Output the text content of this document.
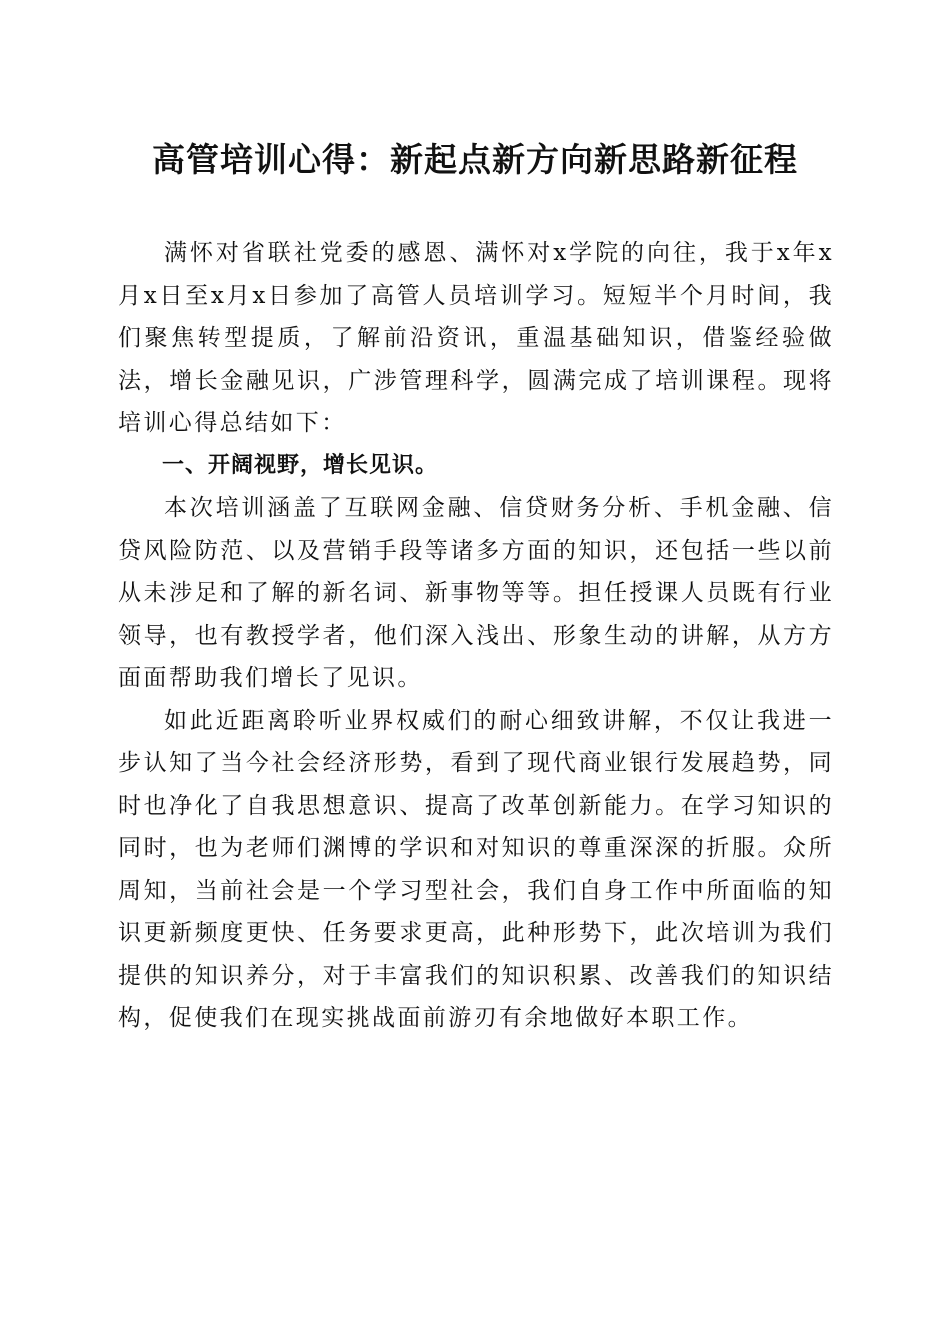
高管培训心得：新起点新方向新思路新征程

满怀对省联社党委的感恩、满怀对x学院的向往，我于x年x月x日至x月x日参加了高管人员培训学习。短短半个月时间，我们聚焦转型提质，了解前沿资讯，重温基础知识，借鉴经验做法，增长金融见识，广涉管理科学，圆满完成了培训课程。现将培训心得总结如下：

一、开阔视野，增长见识。

本次培训涵盖了互联网金融、信贷财务分析、手机金融、信贷风险防范、以及营销手段等诸多方面的知识，还包括一些以前从未涉足和了解的新名词、新事物等等。担任授课人员既有行业领导，也有教授学者，他们深入浅出、形象生动的讲解，从方方面面帮助我们增长了见识。

如此近距离聆听业界权威们的耐心细致讲解，不仅让我进一步认知了当今社会经济形势，看到了现代商业银行发展趋势，同时也净化了自我思想意识、提高了改革创新能力。在学习知识的同时，也为老师们渊博的学识和对知识的尊重深深的折服。众所周知，当前社会是一个学习型社会，我们自身工作中所面临的知识更新频度更快、任务要求更高，此种形势下，此次培训为我们提供的知识养分，对于丰富我们的知识积累、改善我们的知识结构，促使我们在现实挑战面前游刃有余地做好本职工作。
